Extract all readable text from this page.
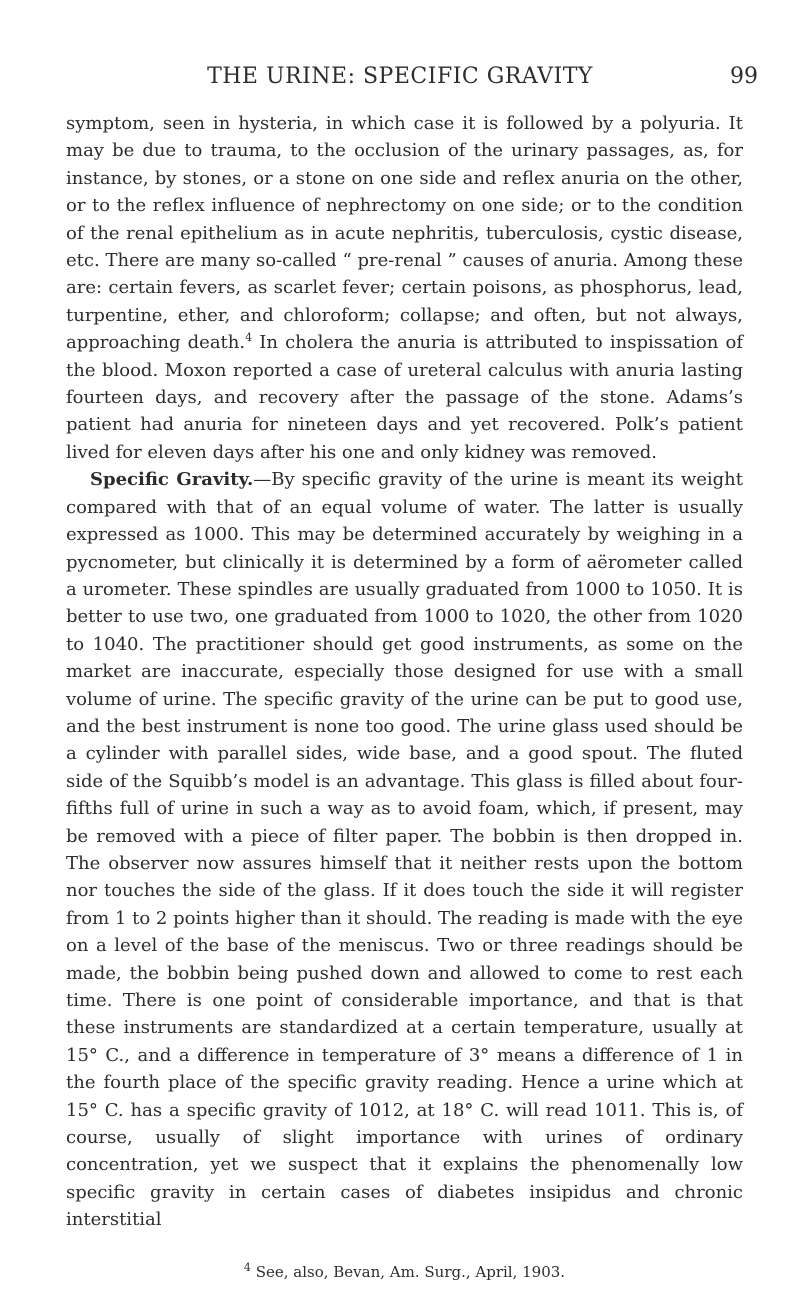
THE URINE: SPECIFIC GRAVITY	99

symptom, seen in hysteria, in which case it is followed by a polyuria. It may be due to trauma, to the occlusion of the urinary passages, as, for instance, by stones, or a stone on one side and reflex anuria on the other, or to the reflex influence of nephrectomy on one side; or to the condition of the renal epithelium as in acute nephritis, tuberculosis, cystic disease, etc. There are many so-called “ pre-renal ” causes of anuria. Among these are: certain fevers, as scarlet fever; certain poisons, as phosphorus, lead, turpentine, ether, and chloroform; collapse; and often, but not always, approaching death.$^4$ In cholera the anuria is attributed to inspissation of the blood. Moxon reported a case of ureteral calculus with anuria lasting fourteen days, and recovery after the passage of the stone. Adams’s patient had anuria for nineteen days and yet recovered. Polk’s patient lived for eleven days after his one and only kidney was removed.

Specific Gravity.—By specific gravity of the urine is meant its weight compared with that of an equal volume of water. The latter is usually expressed as 1000. This may be determined accurately by weighing in a pycnometer, but clinically it is determined by a form of aërometer called a urometer. These spindles are usually graduated from 1000 to 1050. It is better to use two, one graduated from 1000 to 1020, the other from 1020 to 1040. The practitioner should get good instruments, as some on the market are inaccurate, especially those designed for use with a small volume of urine. The specific gravity of the urine can be put to good use, and the best instrument is none too good. The urine glass used should be a cylinder with parallel sides, wide base, and a good spout. The fluted side of the Squibb’s model is an advantage. This glass is filled about four-fifths full of urine in such a way as to avoid foam, which, if present, may be removed with a piece of filter paper. The bobbin is then dropped in. The observer now assures himself that it neither rests upon the bottom nor touches the side of the glass. If it does touch the side it will register from 1 to 2 points higher than it should. The reading is made with the eye on a level of the base of the meniscus. Two or three readings should be made, the bobbin being pushed down and allowed to come to rest each time. There is one point of considerable importance, and that is that these instruments are standardized at a certain temperature, usually at 15° C., and a difference in temperature of 3° means a difference of 1 in the fourth place of the specific gravity reading. Hence a urine which at 15° C. has a specific gravity of 1012, at 18° C. will read 1011. This is, of course, usually of slight importance with urines of ordinary concentration, yet we suspect that it explains the phenomenally low specific gravity in certain cases of diabetes insipidus and chronic interstitial

$^4$ See, also, Bevan, Am. Surg., April, 1903.
